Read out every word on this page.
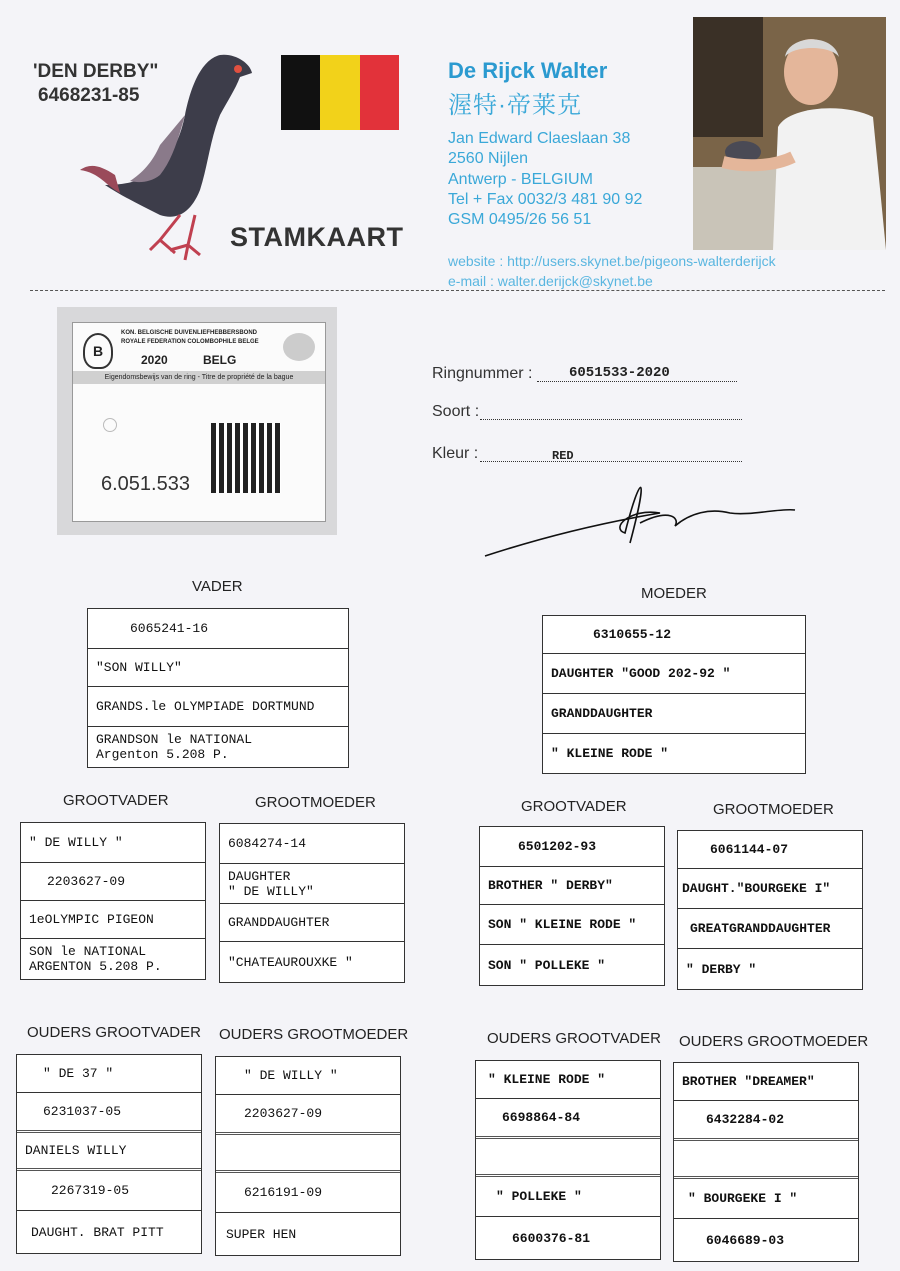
'DEN DERBY"
6468231-85
STAMKAART
De Rijck Walter
渥特·帝莱克
Jan Edward Claeslaan 38
2560 Nijlen
Antwerp - BELGIUM
Tel + Fax 0032/3 481 90 92
GSM 0495/26 56 51
website : http://users.skynet.be/pigeons-walterderijck
e-mail : walter.derijck@skynet.be
B
KON. BELGISCHE DUIVENLIEFHEBBERSBOND
ROYALE FEDERATION COLOMBOPHILE BELGE
2020	BELG
Eigendomsbewijs van de ring - Titre de propriété de la bague
6.051.533
Ringnummer :	6051533-2020
Soort :
Kleur :	RED
VADER
6065241-16
"SON WILLY"
GRANDS.le OLYMPIADE DORTMUND
GRANDSON le NATIONAL
Argenton 5.208 P.
MOEDER
6310655-12
DAUGHTER "GOOD 202-92 "
GRANDDAUGHTER
" KLEINE RODE "
GROOTVADER
" DE WILLY "
2203627-09
1eOLYMPIC PIGEON
SON le NATIONAL
ARGENTON 5.208 P.
GROOTMOEDER
6084274-14
DAUGHTER
" DE WILLY"
GRANDDAUGHTER
"CHATEAUROUXKE "
GROOTVADER
6501202-93
BROTHER " DERBY"
SON " KLEINE RODE "
SON " POLLEKE "
GROOTMOEDER
6061144-07
DAUGHT."BOURGEKE I"
GREATGRANDDAUGHTER
" DERBY "
OUDERS GROOTVADER
" DE 37 "
6231037-05
DANIELS WILLY
2267319-05
DAUGHT. BRAT PITT
OUDERS GROOTMOEDER
" DE WILLY "
2203627-09
6216191-09
SUPER HEN
OUDERS GROOTVADER
" KLEINE RODE "
6698864-84
" POLLEKE "
6600376-81
OUDERS GROOTMOEDER
BROTHER "DREAMER"
6432284-02
" BOURGEKE I "
6046689-03
